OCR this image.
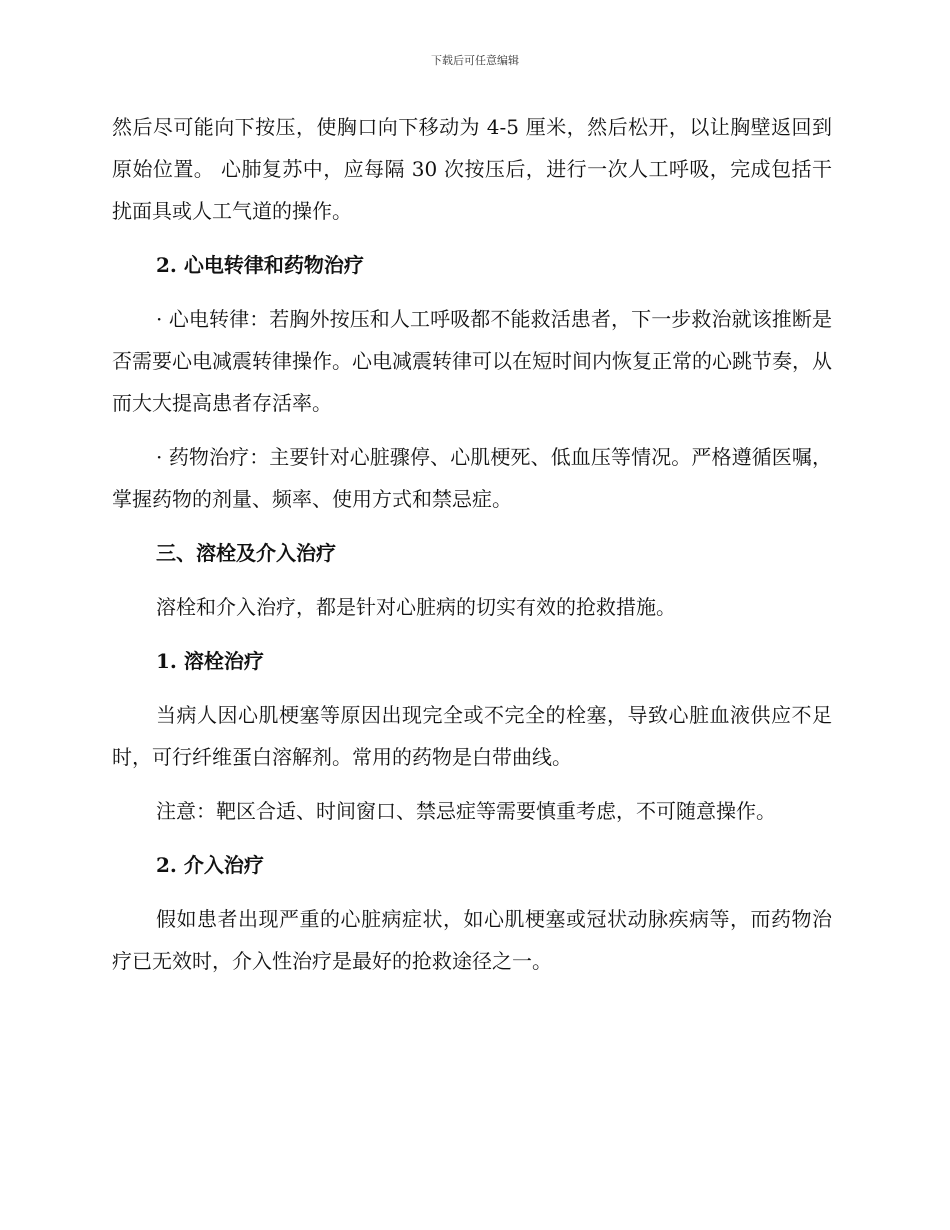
下载后可任意编辑

然后尽可能向下按压，使胸口向下移动为 4-5 厘米，然后松开，以让胸壁返回到原始位置。 心肺复苏中，应每隔 30 次按压后，进行一次人工呼吸，完成包括干扰面具或人工气道的操作。

2. 心电转律和药物治疗

· 心电转律：若胸外按压和人工呼吸都不能救活患者，下一步救治就该推断是否需要心电减震转律操作。心电减震转律可以在短时间内恢复正常的心跳节奏，从而大大提高患者存活率。

· 药物治疗：主要针对心脏骤停、心肌梗死、低血压等情况。严格遵循医嘱，掌握药物的剂量、频率、使用方式和禁忌症。

三、溶栓及介入治疗

溶栓和介入治疗，都是针对心脏病的切实有效的抢救措施。

1. 溶栓治疗

当病人因心肌梗塞等原因出现完全或不完全的栓塞，导致心脏血液供应不足时，可行纤维蛋白溶解剂。常用的药物是白带曲线。

注意：靶区合适、时间窗口、禁忌症等需要慎重考虑，不可随意操作。

2. 介入治疗

假如患者出现严重的心脏病症状，如心肌梗塞或冠状动脉疾病等，而药物治疗已无效时，介入性治疗是最好的抢救途径之一。
